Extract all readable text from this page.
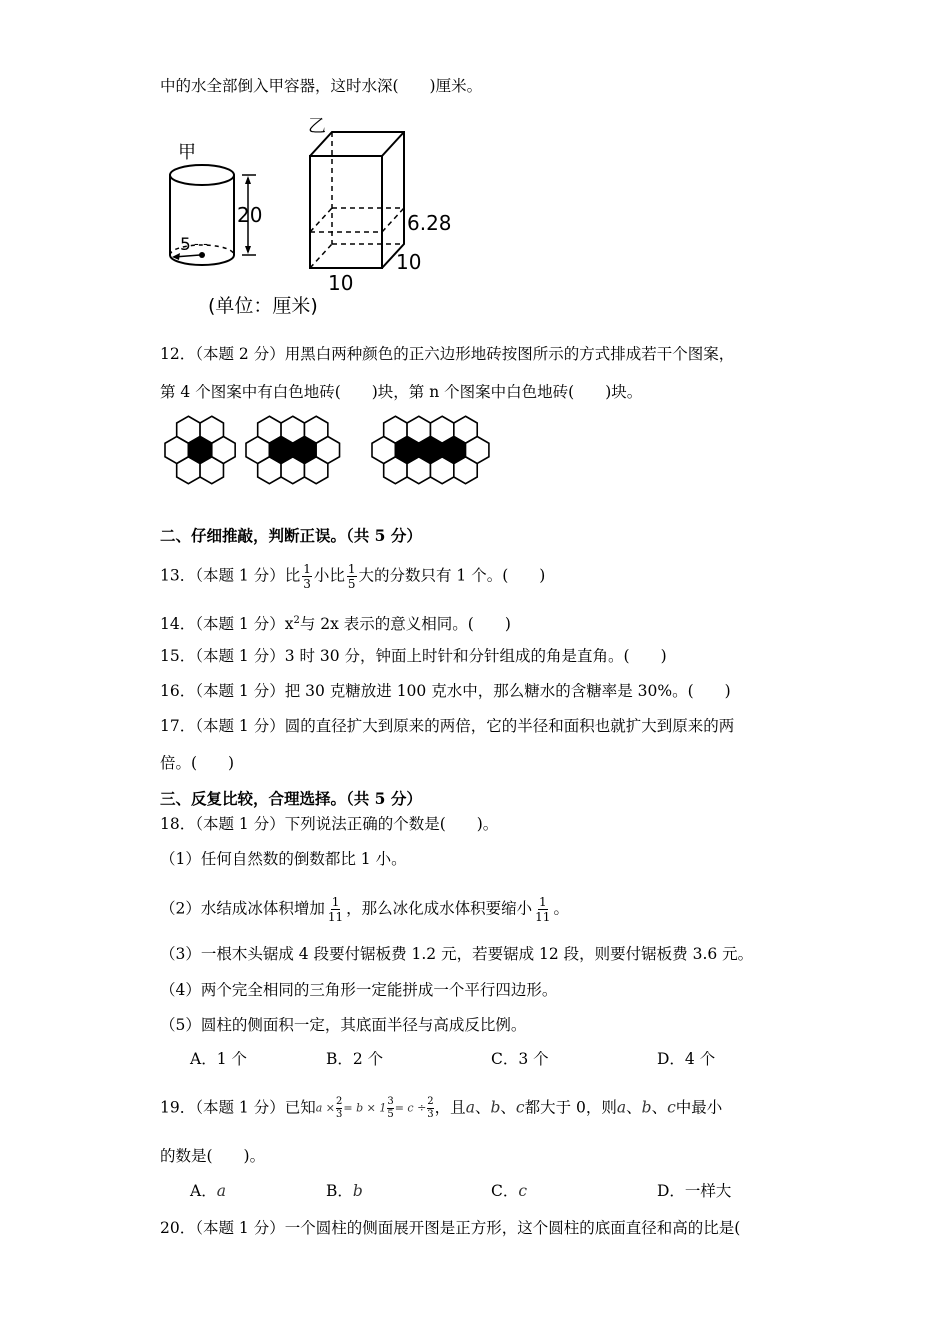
中的水全部倒入甲容器，这时水深(　　)厘米。
甲
5 - -
20
乙
6.28
10
10
(单位：厘米)
12．（本题 2 分）用黑白两种颜色的正六边形地砖按图所示的方式排成若干个图案，
第 4 个图案中有白色地砖(　　)块，第 n 个图案中白色地砖(　　)块。
二、仔细推敲，判断正误。（共 5 分）
13．（本题 1 分）比 $\frac{1}{3}$ 小比 $\frac{1}{5}$ 大的分数只有 1 个。(　　)
14．（本题 1 分）$x^2$与 2x 表示的意义相同。(　　)
15．（本题 1 分）3 时 30 分，钟面上时针和分针组成的角是直角。(　　)
16．（本题 1 分）把 30 克糖放进 100 克水中，那么糖水的含糖率是 30%。(　　)
17．（本题 1 分）圆的直径扩大到原来的两倍，它的半径和面积也就扩大到原来的两
倍。(　　)
三、反复比较，合理选择。（共 5 分）
18．（本题 1 分）下列说法正确的个数是(　　)。
（1）任何自然数的倒数都比 1 小。
（2）水结成冰体积增加 $\frac{1}{11}$ ，那么冰化成水体积要缩小 $\frac{1}{11}$ 。
（3）一根木头锯成 4 段要付锯板费 1.2 元，若要锯成 12 段，则要付锯板费 3.6 元。
（4）两个完全相同的三角形一定能拼成一个平行四边形。
（5）圆柱的侧面积一定，其底面半径与高成反比例。
A．1 个	B．2 个	C．3 个	D．4 个
19．（本题 1 分）已知$a \times \frac{2}{3} = b \times 1 \frac{3}{5} = c \div \frac{2}{3}$ ，且a、b、c都大于 0，则a、b、c中最小
的数是(　　)。
A．a	B．b	C．c	D．一样大
20．（本题 1 分）一个圆柱的侧面展开图是正方形，这个圆柱的底面直径和高的比是(
